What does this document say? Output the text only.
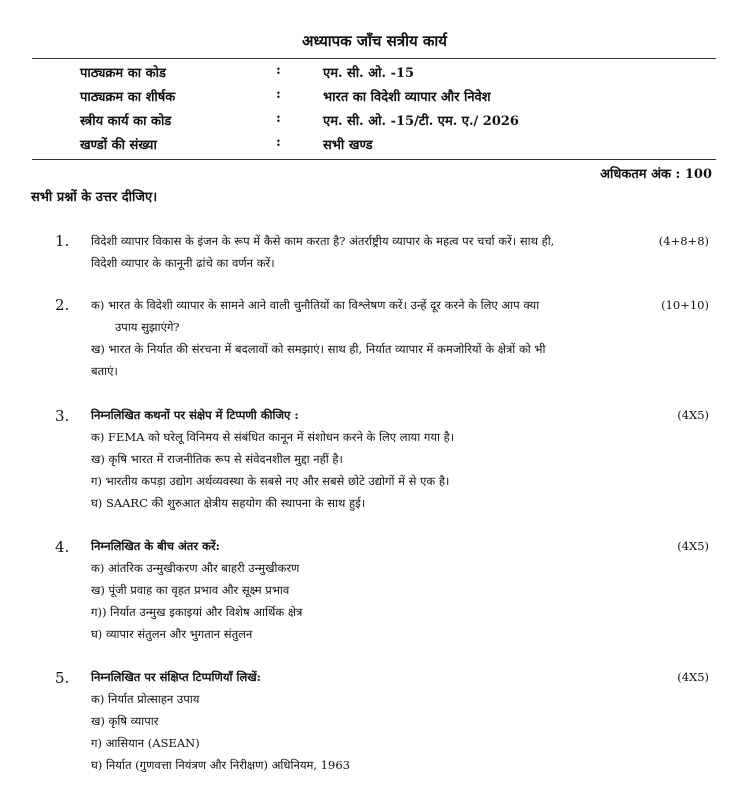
अध्यापक जाँच सत्रीय कार्य
पाठ्यक्रम का कोड	:	एम. सी. ओ. -15
पाठ्यक्रम का शीर्षक	:	भारत का विदेशी व्यापार और निवेश
स्त्रीय कार्य का कोड	:	एम. सी. ओ. -15/टी. एम. ए./ 2026
खण्डों की संख्या	:	सभी खण्ड
अधिकतम अंक : 100
सभी प्रश्नों के उत्तर दीजिए।
1. विदेशी व्यापार विकास के इंजन के रूप में कैसे काम करता है? अंतर्राष्ट्रीय व्यापार के महत्व पर चर्चा करें। साथ ही,
विदेशी व्यापार के कानूनी ढांचे का वर्णन करें।
(4+8+8)
2. क) भारत के विदेशी व्यापार के सामने आने वाली चुनौतियों का विश्लेषण करें। उन्हें दूर करने के लिए आप क्या
उपाय सुझाएंगे?
ख) भारत के निर्यात की संरचना में बदलावों को समझाएं। साथ ही, निर्यात व्यापार में कमजोरियों के क्षेत्रों को भी
बताएं।
(10+10)
3. निम्नलिखित कथनों पर संक्षेप में टिप्पणी कीजिए :
क) FEMA को घरेलू विनिमय से संबंधित कानून में संशोधन करने के लिए लाया गया है।
ख) कृषि भारत में राजनीतिक रूप से संवेदनशील मुद्दा नहीं है।
ग) भारतीय कपड़ा उद्योग अर्थव्यवस्था के सबसे नए और सबसे छोटे उद्योगों में से एक है।
घ) SAARC की शुरुआत क्षेत्रीय सहयोग की स्थापना के साथ हुई।
(4X5)
4. निम्नलिखित के बीच अंतर करें:
क) आंतरिक उन्मुखीकरण और बाहरी उन्मुखीकरण
ख) पूंजी प्रवाह का वृहत प्रभाव और सूक्ष्म प्रभाव
ग)) निर्यात उन्मुख इकाइयां और विशेष आर्थिक क्षेत्र
घ) व्यापार संतुलन और भुगतान संतुलन
(4X5)
5. निम्नलिखित पर संक्षिप्त टिप्पणियाँ लिखें:
क) निर्यात प्रोत्साहन उपाय
ख) कृषि व्यापार
ग) आसियान (ASEAN)
घ) निर्यात (गुणवत्ता नियंत्रण और निरीक्षण) अधिनियम, 1963
(4X5)
